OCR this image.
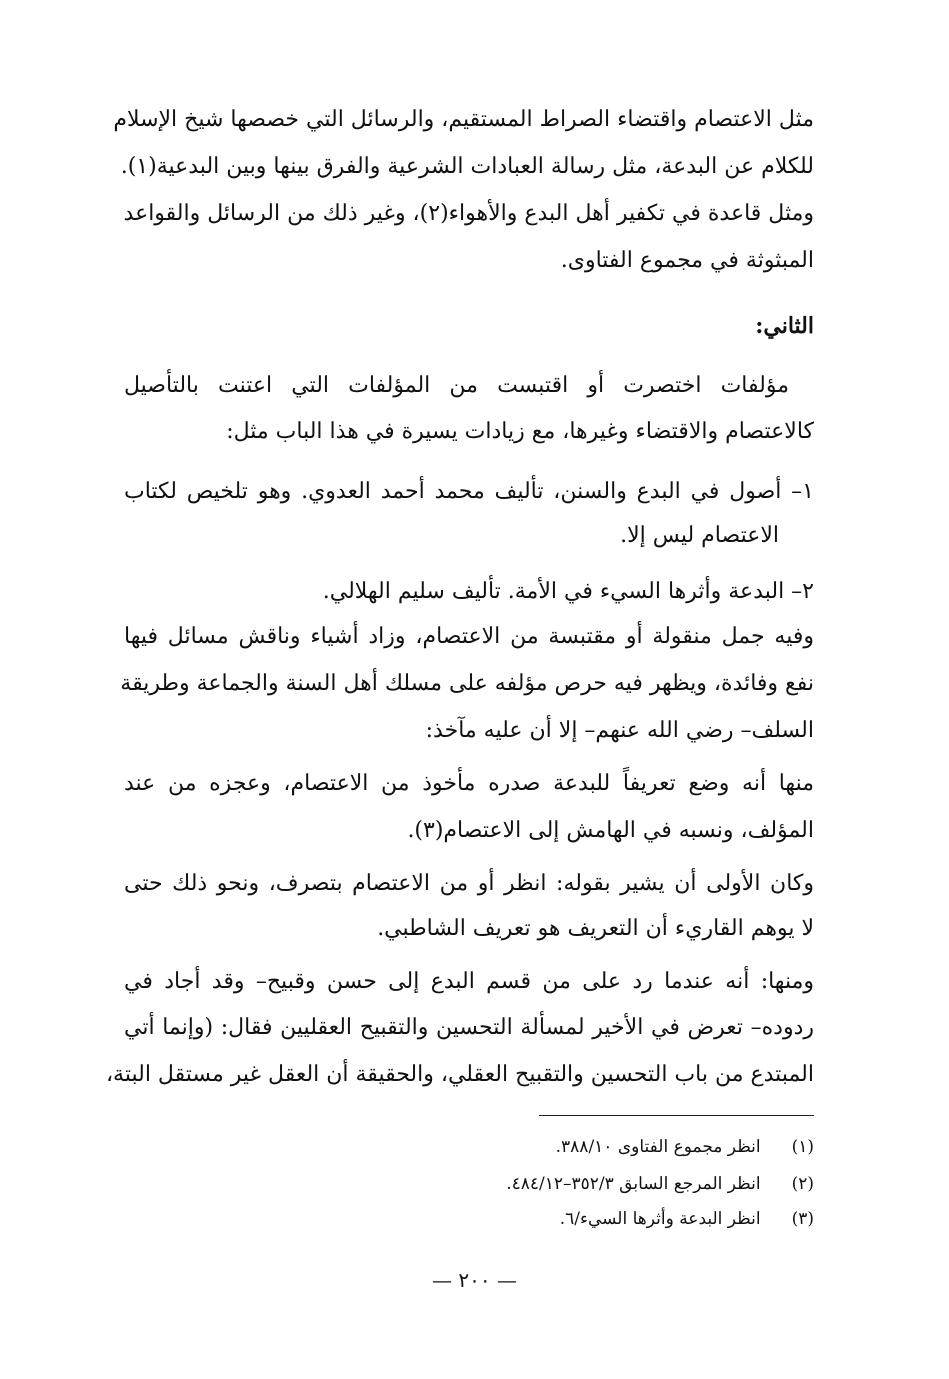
مثل الاعتصام واقتضاء الصراط المستقيم، والرسائل التي خصصها شيخ الإسلام
للكلام عن البدعة، مثل رسالة العبادات الشرعية والفرق بينها وبين البدعية(١).
ومثل قاعدة في تكفير أهل البدع والأهواء(٢)، وغير ذلك من الرسائل والقواعد
المبثوثة في مجموع الفتاوى.
الثاني:
مؤلفات اختصرت أو اقتبست من المؤلفات التي اعتنت بالتأصيل
كالاعتصام والاقتضاء وغيرها، مع زيادات يسيرة في هذا الباب مثل:
١– أصول في البدع والسنن، تأليف محمد أحمد العدوي. وهو تلخيص لكتاب
الاعتصام ليس إلا.
٢– البدعة وأثرها السيء في الأمة. تأليف سليم الهلالي.
وفيه جمل منقولة أو مقتبسة من الاعتصام، وزاد أشياء وناقش مسائل فيها
نفع وفائدة، ويظهر فيه حرص مؤلفه على مسلك أهل السنة والجماعة وطريقة
السلف– رضي الله عنهم– إلا أن عليه مآخذ:
منها أنه وضع تعريفاً للبدعة صدره مأخوذ من الاعتصام، وعجزه من عند
المؤلف، ونسبه في الهامش إلى الاعتصام(٣).
وكان الأولى أن يشير بقوله: انظر أو من الاعتصام بتصرف، ونحو ذلك حتى
لا يوهم القاريء أن التعريف هو تعريف الشاطبي.
ومنها: أنه عندما رد على من قسم البدع إلى حسن وقبيح– وقد أجاد في
ردوده– تعرض في الأخير لمسألة التحسين والتقبيح العقليين فقال: (وإنما أتي
المبتدع من باب التحسين والتقبيح العقلي، والحقيقة أن العقل غير مستقل البتة،
(١) انظر مجموع الفتاوى ٣٨٨/١٠.
(٢) انظر المرجع السابق ٣٥٢/٣–٤٨٤/١٢.
(٣) انظر البدعة وأثرها السيء/٦.
— ٢٠٠ —
